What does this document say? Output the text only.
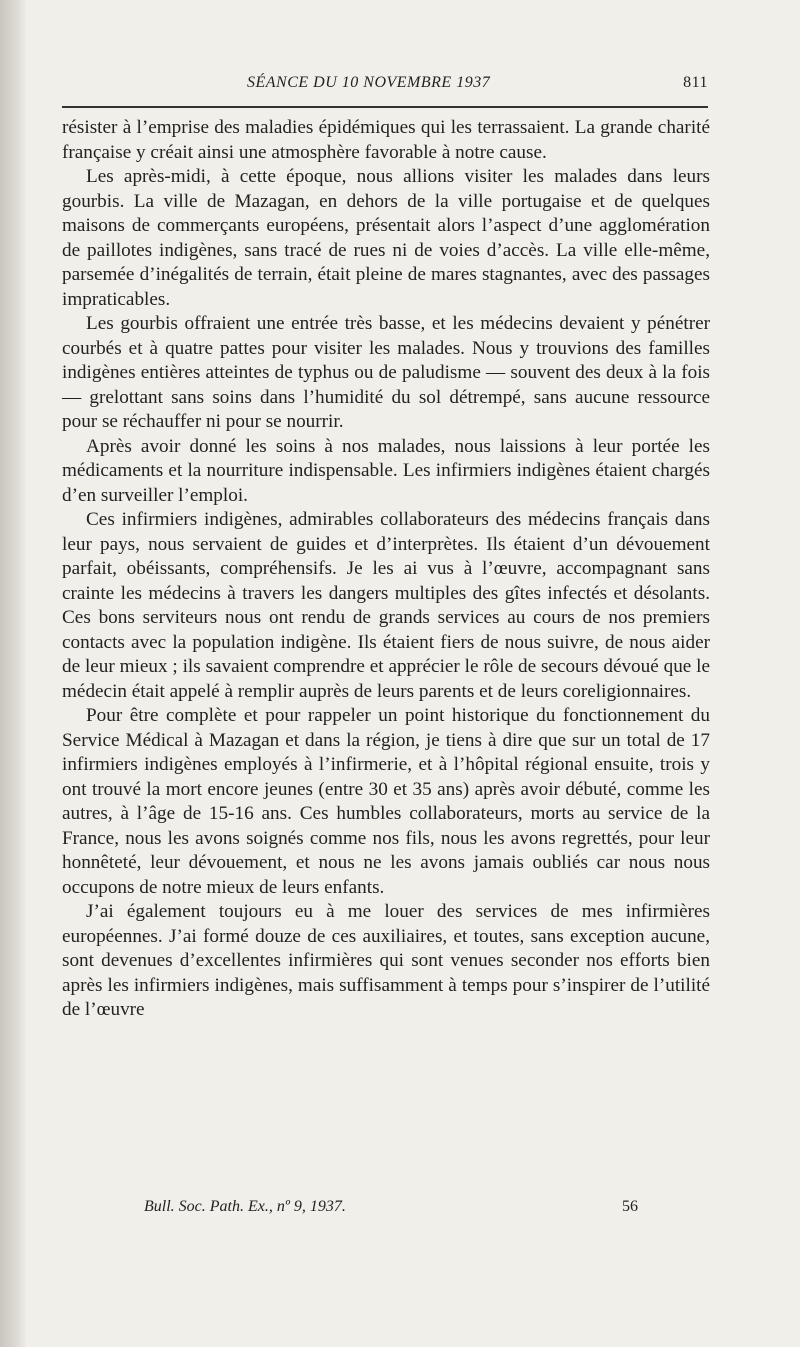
SÉANCE DU 10 NOVEMBRE 1937	811

résister à l’emprise des maladies épidémiques qui les terrassaient. La grande charité française y créait ainsi une atmosphère favorable à notre cause.

Les après-midi, à cette époque, nous allions visiter les malades dans leurs gourbis. La ville de Mazagan, en dehors de la ville portugaise et de quelques maisons de commerçants européens, présentait alors l’aspect d’une agglomération de paillotes indigènes, sans tracé de rues ni de voies d’accès. La ville elle-même, parsemée d’inégalités de terrain, était pleine de mares stagnantes, avec des passages impraticables.

Les gourbis offraient une entrée très basse, et les médecins devaient y pénétrer courbés et à quatre pattes pour visiter les malades. Nous y trouvions des familles indigènes entières atteintes de typhus ou de paludisme — souvent des deux à la fois — grelottant sans soins dans l’humidité du sol détrempé, sans aucune ressource pour se réchauffer ni pour se nourrir.

Après avoir donné les soins à nos malades, nous laissions à leur portée les médicaments et la nourriture indispensable. Les infirmiers indigènes étaient chargés d’en surveiller l’emploi.

Ces infirmiers indigènes, admirables collaborateurs des médecins français dans leur pays, nous servaient de guides et d’interprètes. Ils étaient d’un dévouement parfait, obéissants, compréhensifs. Je les ai vus à l’œuvre, accompagnant sans crainte les médecins à travers les dangers multiples des gîtes infectés et désolants. Ces bons serviteurs nous ont rendu de grands services au cours de nos premiers contacts avec la population indigène. Ils étaient fiers de nous suivre, de nous aider de leur mieux ; ils savaient comprendre et apprécier le rôle de secours dévoué que le médecin était appelé à remplir auprès de leurs parents et de leurs coreligionnaires.

Pour être complète et pour rappeler un point historique du fonctionnement du Service Médical à Mazagan et dans la région, je tiens à dire que sur un total de 17 infirmiers indigènes employés à l’infirmerie, et à l’hôpital régional ensuite, trois y ont trouvé la mort encore jeunes (entre 30 et 35 ans) après avoir débuté, comme les autres, à l’âge de 15-16 ans. Ces humbles collaborateurs, morts au service de la France, nous les avons soignés comme nos fils, nous les avons regrettés, pour leur honnêteté, leur dévouement, et nous ne les avons jamais oubliés car nous nous occupons de notre mieux de leurs enfants.

J’ai également toujours eu à me louer des services de mes infirmières européennes. J’ai formé douze de ces auxiliaires, et toutes, sans exception aucune, sont devenues d’excellentes infirmières qui sont venues seconder nos efforts bien après les infirmiers indigènes, mais suffisamment à temps pour s’inspirer de l’utilité de l’œuvre

Bull. Soc. Path. Ex., nº 9, 1937.	56
